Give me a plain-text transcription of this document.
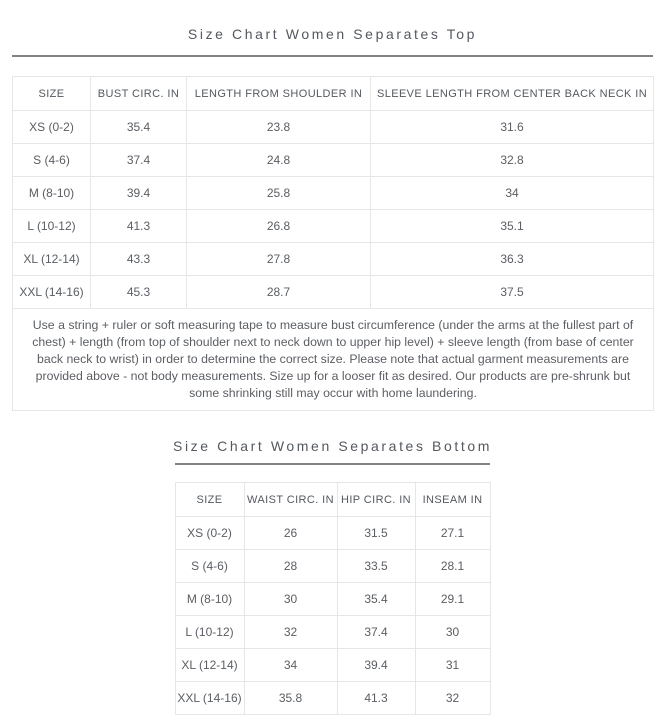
Size Chart Women Separates Top
SIZE	BUST CIRC. IN	LENGTH FROM SHOULDER IN	SLEEVE LENGTH FROM CENTER BACK NECK IN
XS (0-2)	35.4	23.8	31.6
S (4-6)	37.4	24.8	32.8
M (8-10)	39.4	25.8	34
L (10-12)	41.3	26.8	35.1
XL (12-14)	43.3	27.8	36.3
XXL (14-16)	45.3	28.7	37.5
Use a string + ruler or soft measuring tape to measure bust circumference (under the arms at the fullest part of chest) + length (from top of shoulder next to neck down to upper hip level) + sleeve length (from base of center back neck to wrist) in order to determine the correct size. Please note that actual garment measurements are provided above - not body measurements. Size up for a looser fit as desired. Our products are pre-shrunk but some shrinking still may occur with home laundering.			
Size Chart Women Separates Bottom
SIZE	WAIST CIRC. IN	HIP CIRC. IN	INSEAM IN
XS (0-2)	26	31.5	27.1
S (4-6)	28	33.5	28.1
M (8-10)	30	35.4	29.1
L (10-12)	32	37.4	30
XL (12-14)	34	39.4	31
XXL (14-16)	35.8	41.3	32
